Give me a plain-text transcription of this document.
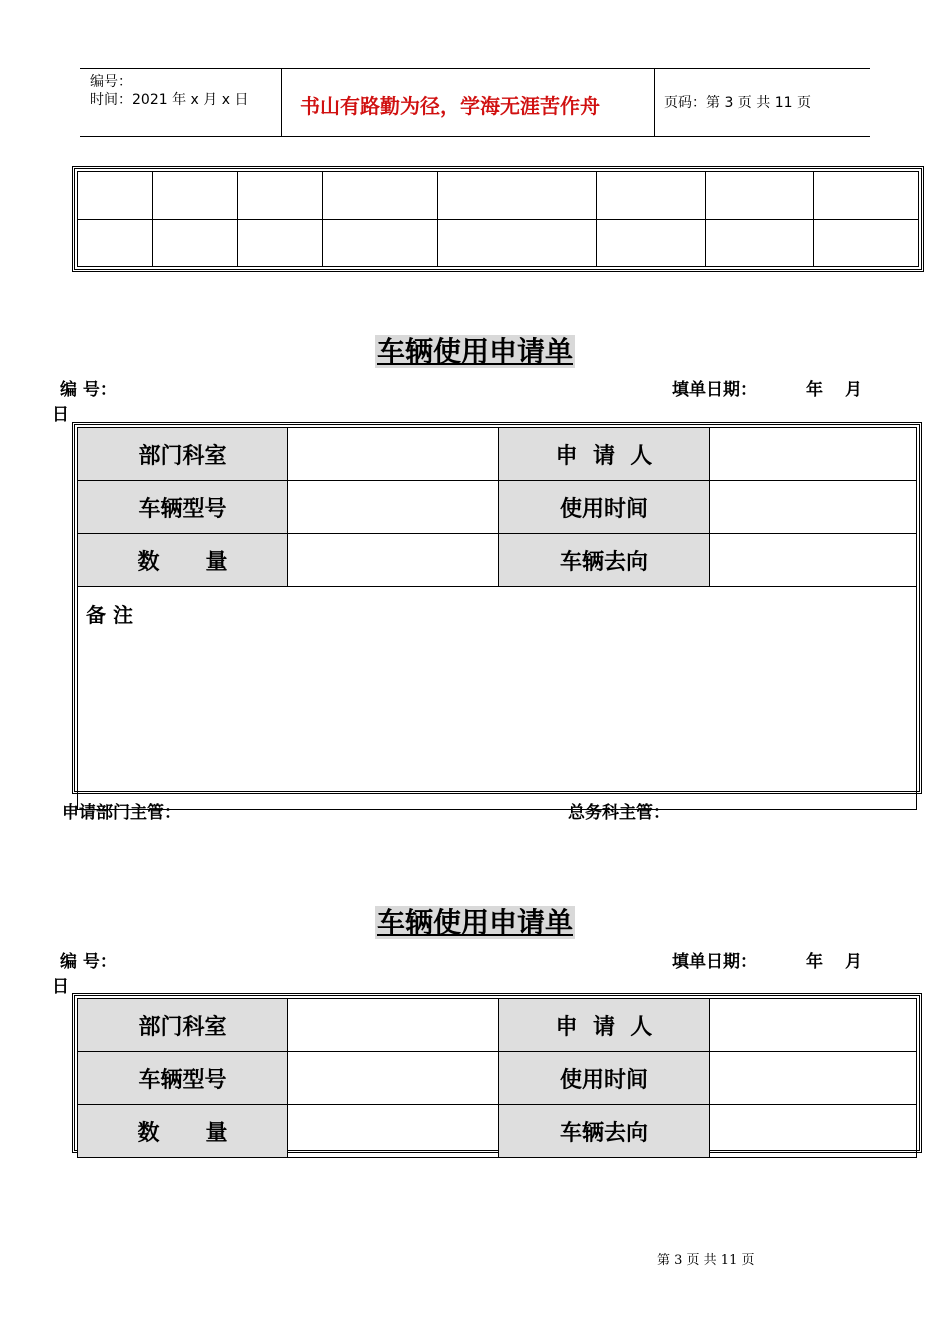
编号：
时间：2021 年 x 月 x 日	书山有路勤为径，学海无涯苦作舟	页码：第 3 页 共 11 页

车辆使用申请单
编 号：	填单日期：	年 月
日
部门科室		申  请  人	
车辆型号		使用时间	
数      量		车辆去向	
备 注			
申请部门主管：	总务科主管：
车辆使用申请单
编 号：	填单日期：	年 月
日
部门科室		申  请  人	
车辆型号		使用时间	
数      量		车辆去向	
第 3 页 共 11 页
